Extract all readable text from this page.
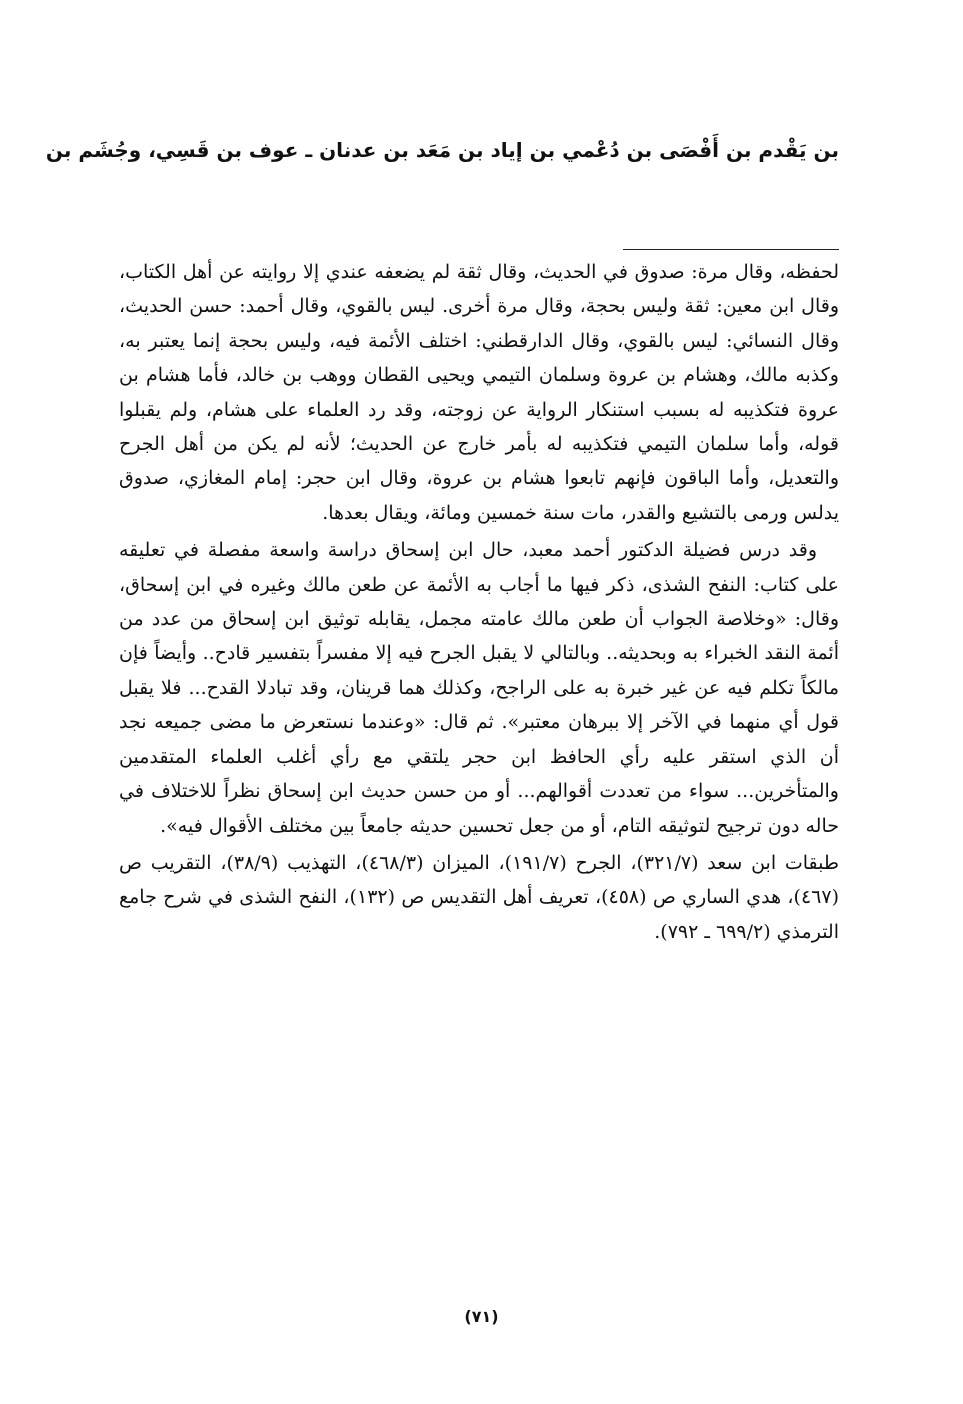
بن يَقْدم بن أَفْصَى بن دُعْمي بن إياد بن مَعَد بن عدنان ـ عوف بن قَسِي، وجُشَم بن

لحفظه، وقال مرة: صدوق في الحديث، وقال ثقة لم يضعفه عندي إلا روايته عن أهل الكتاب، وقال ابن معين: ثقة وليس بحجة، وقال مرة أخرى. ليس بالقوي، وقال أحمد: حسن الحديث، وقال النسائي: ليس بالقوي، وقال الدارقطني: اختلف الأئمة فيه، وليس بحجة إنما يعتبر به، وكذبه مالك، وهشام بن عروة وسلمان التيمي ويحيى القطان ووهب بن خالد، فأما هشام بن عروة فتكذيبه له بسبب استنكار الرواية عن زوجته، وقد رد العلماء على هشام، ولم يقبلوا قوله، وأما سلمان التيمي فتكذيبه له بأمر خارج عن الحديث؛ لأنه لم يكن من أهل الجرح والتعديل، وأما الباقون فإنهم تابعوا هشام بن عروة، وقال ابن حجر: إمام المغازي، صدوق يدلس ورمى بالتشيع والقدر، مات سنة خمسين ومائة، ويقال بعدها.

وقد درس فضيلة الدكتور أحمد معبد، حال ابن إسحاق دراسة واسعة مفصلة في تعليقه على كتاب: النفح الشذى، ذكر فيها ما أجاب به الأئمة عن طعن مالك وغيره في ابن إسحاق، وقال: «وخلاصة الجواب أن طعن مالك عامته مجمل، يقابله توثيق ابن إسحاق من عدد من أئمة النقد الخبراء به وبحديثه.. وبالتالي لا يقبل الجرح فيه إلا مفسراً بتفسير قادح.. وأيضاً فإن مالكاً تكلم فيه عن غير خبرة به على الراجح، وكذلك هما قرينان، وقد تبادلا القدح... فلا يقبل قول أي منهما في الآخر إلا ببرهان معتبر». ثم قال: «وعندما نستعرض ما مضى جميعه نجد أن الذي استقر عليه رأي الحافظ ابن حجر يلتقي مع رأي أغلب العلماء المتقدمين والمتأخرين... سواء من تعددت أقوالهم... أو من حسن حديث ابن إسحاق نظراً للاختلاف في حاله دون ترجيح لتوثيقه التام، أو من جعل تحسين حديثه جامعاً بين مختلف الأقوال فيه».

طبقات ابن سعد (٣٢١/٧)، الجرح (١٩١/٧)، الميزان (٤٦٨/٣)، التهذيب (٣٨/٩)، التقريب ص (٤٦٧)، هدي الساري ص (٤٥٨)، تعريف أهل التقديس ص (١٣٢)، النفح الشذى في شرح جامع الترمذي (٦٩٩/٢ ـ ٧٩٢).

(٧١)
